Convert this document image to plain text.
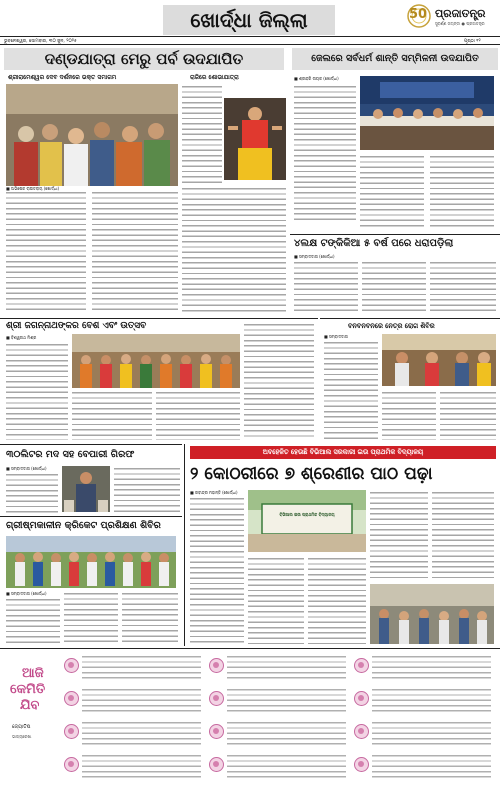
ଖୋର୍ଦ୍ଧା ଜିଲ୍ଲା	50 ପ୍ରଜାତନ୍ତ୍ର
ସୁବର୍ଣ୍ଣ ଜୟନ୍ତୀ ● ପ୍ରଜାତନ୍ତ୍ର
ଭୁବନେଶ୍ୱର, ସୋମବାର, ୩୦ ଜୁନ, ୨୦୨୫	ପୃଷ୍ଠା ୧୨
ଦଣ୍ଡଯାତ୍ରା ମେରୁ ପର୍ବ ଉଦଯାପିତ
ଶ୍ରୀରାମେଶ୍ୱର ଦେବ ଦର୍ଶନରେ ଭକ୍ତ ସମାଗମ	ରାଜିରେ ଶୋଭାଯାତ୍ରା
■ ଅଭିଷେକ ରାଉତରାୟ (ଖୋର୍ଦ୍ଧା)
ଜେଲରେ ସର୍ବଧର୍ମ ଶାନ୍ତି ସମ୍ମିଳନୀ ଉଦଯାପିତ
■ ଶ୍ରୀହରି ନାୟକ (ଖୋର୍ଦ୍ଧା)
୪ଲକ୍ଷ ଟଙ୍କିକିଆ ୫ ବର୍ଷ ପରେ ଧରାପଡ଼ିଲା
■ ସମ୍ବାଦଦାତା (ଖୋର୍ଦ୍ଧା)
ଶ୍ରୀ ଜଗନ୍ନାଥଙ୍କର ବେଶ ଏବଂ ଉତ୍ସବ
■ ବିଶ୍ୱନାଥ ମିଶ୍ର
ବନବନବନରେ ନେତ୍ର ରୋଗ ଶିବିର
■ ସମ୍ବାଦଦାତା
୩୦ଲିଟର ମଦ ସହ ବେପାରୀ ଗିରଫ
■ ସମ୍ବାଦଦାତା (ଖୋର୍ଦ୍ଧା)
ଗ୍ରୀଷ୍ମକାଳୀନ କ୍ରିକେଟ ପ୍ରଶିକ୍ଷଣ ଶିବିର
■ ସମ୍ବାଦଦାତା (ଖୋର୍ଦ୍ଧା)
ଅବହେଳିତ ହେଉଛି ବିଭିଆଲ ସରକାରୀ ଇଉ ପ୍ରାଥମିକ ବିଦ୍ୟାଳୟ
୨ କୋଠରୀରେ ୭ ଶ୍ରେଣୀର ପାଠ ପଢ଼ା
■ ରବୀନ୍ଦ୍ର ମହାନ୍ତି (ଖୋର୍ଦ୍ଧା)
ବିଭିଆଲ ଇଉ ପ୍ରାଥମିକ ବିଦ୍ୟାଳୟ
ଆଜି
କେମିତି
ଯିବ
ଜ୍ୟୋତିଷ
ଭାଗ୍ୟରେଖା
